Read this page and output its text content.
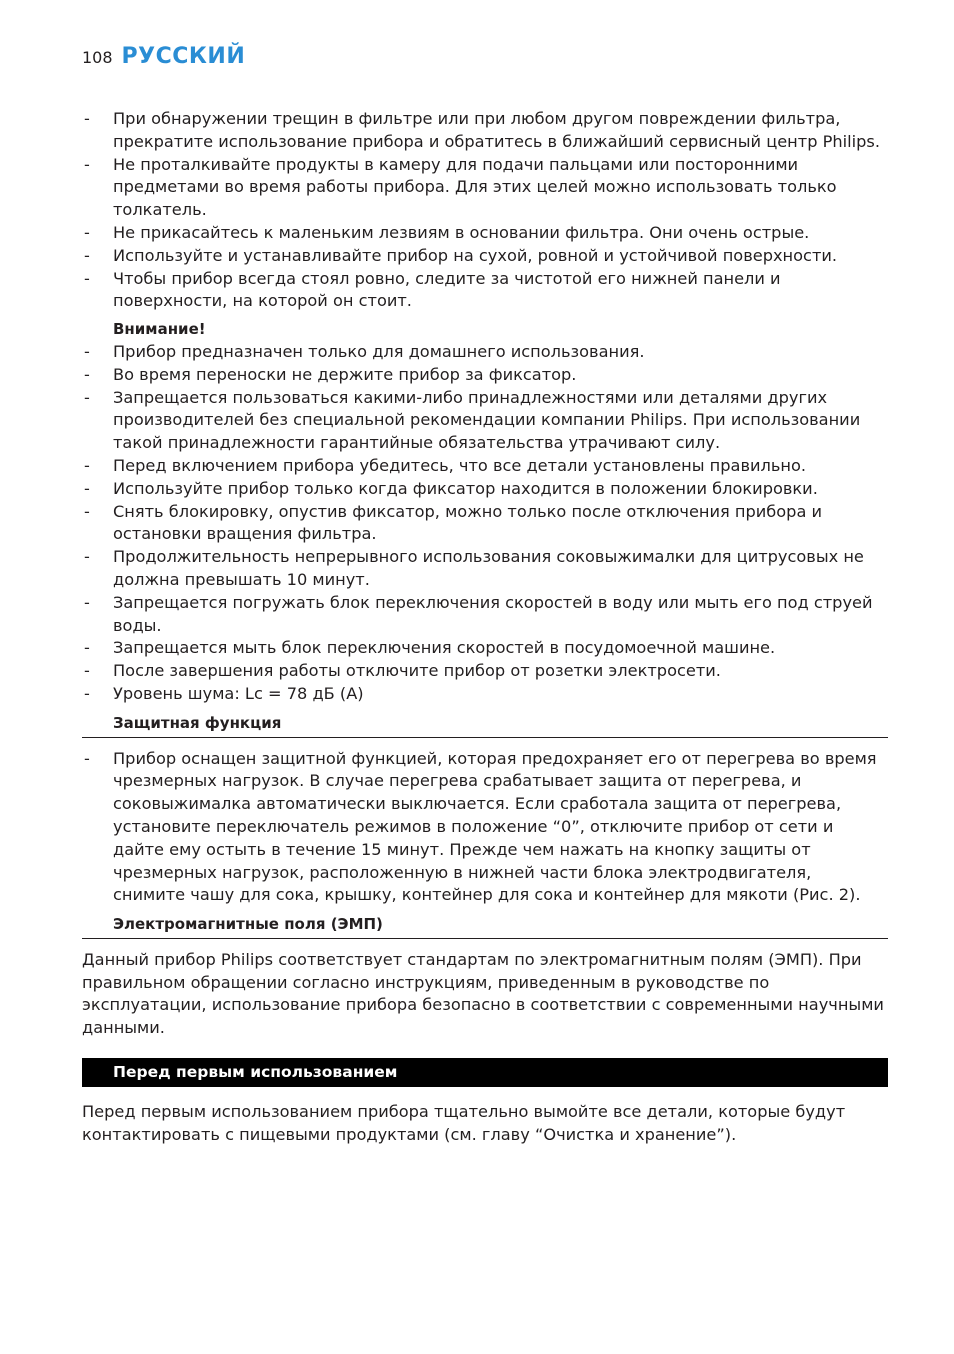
108 РУССКИЙ
- При обнаружении трещин в фильтре или при любом другом повреждении фильтра, прекратите использование прибора и обратитесь в ближайший сервисный центр Philips.
- Не проталкивайте продукты в камеру для подачи пальцами или посторонними предметами во время работы прибора. Для этих целей можно использовать только толкатель.
- Не прикасайтесь к маленьким лезвиям в основании фильтра. Они очень острые.
- Используйте и устанавливайте прибор на сухой, ровной и устойчивой поверхности.
- Чтобы прибор всегда стоял ровно, следите за чистотой его нижней панели и поверхности, на которой он стоит.
Внимание!
- Прибор предназначен только для домашнего использования.
- Во время переноски не держите прибор за фиксатор.
- Запрещается пользоваться какими-либо принадлежностями или деталями других производителей без специальной рекомендации компании Philips. При использовании такой принадлежности гарантийные обязательства утрачивают силу.
- Перед включением прибора убедитесь, что все детали установлены правильно.
- Используйте прибор только когда фиксатор находится в положении блокировки.
- Снять блокировку, опустив фиксатор, можно только после отключения прибора и остановки вращения фильтра.
- Продолжительность непрерывного использования соковыжималки для цитрусовых не должна превышать 10 минут.
- Запрещается погружать блок переключения скоростей в воду или мыть его под струей воды.
- Запрещается мыть блок переключения скоростей в посудомоечной машине.
- После завершения работы отключите прибор от розетки электросети.
- Уровень шума: Lc = 78 дБ (A)
Защитная функция
- Прибор оснащен защитной функцией, которая предохраняет его от перегрева во время чрезмерных нагрузок. В случае перегрева срабатывает защита от перегрева, и соковыжималка автоматически выключается. Если сработала защита от перегрева, установите переключатель режимов в положение “0”, отключите прибор от сети и дайте ему остыть в течение 15 минут. Прежде чем нажать на кнопку защиты от чрезмерных нагрузок, расположенную в нижней части блока электродвигателя, снимите чашу для сока, крышку, контейнер для сока и контейнер для мякоти (Рис. 2).
Электромагнитные поля (ЭМП)

Данный прибор Philips соответствует стандартам по электромагнитным полям (ЭМП). При правильном обращении согласно инструкциям, приведенным в руководстве по эксплуатации, использование прибора безопасно в соответствии с современными научными данными.

Перед первым использованием

Перед первым использованием прибора тщательно вымойте все детали, которые будут контактировать с пищевыми продуктами (см. главу “Очистка и хранение”).
